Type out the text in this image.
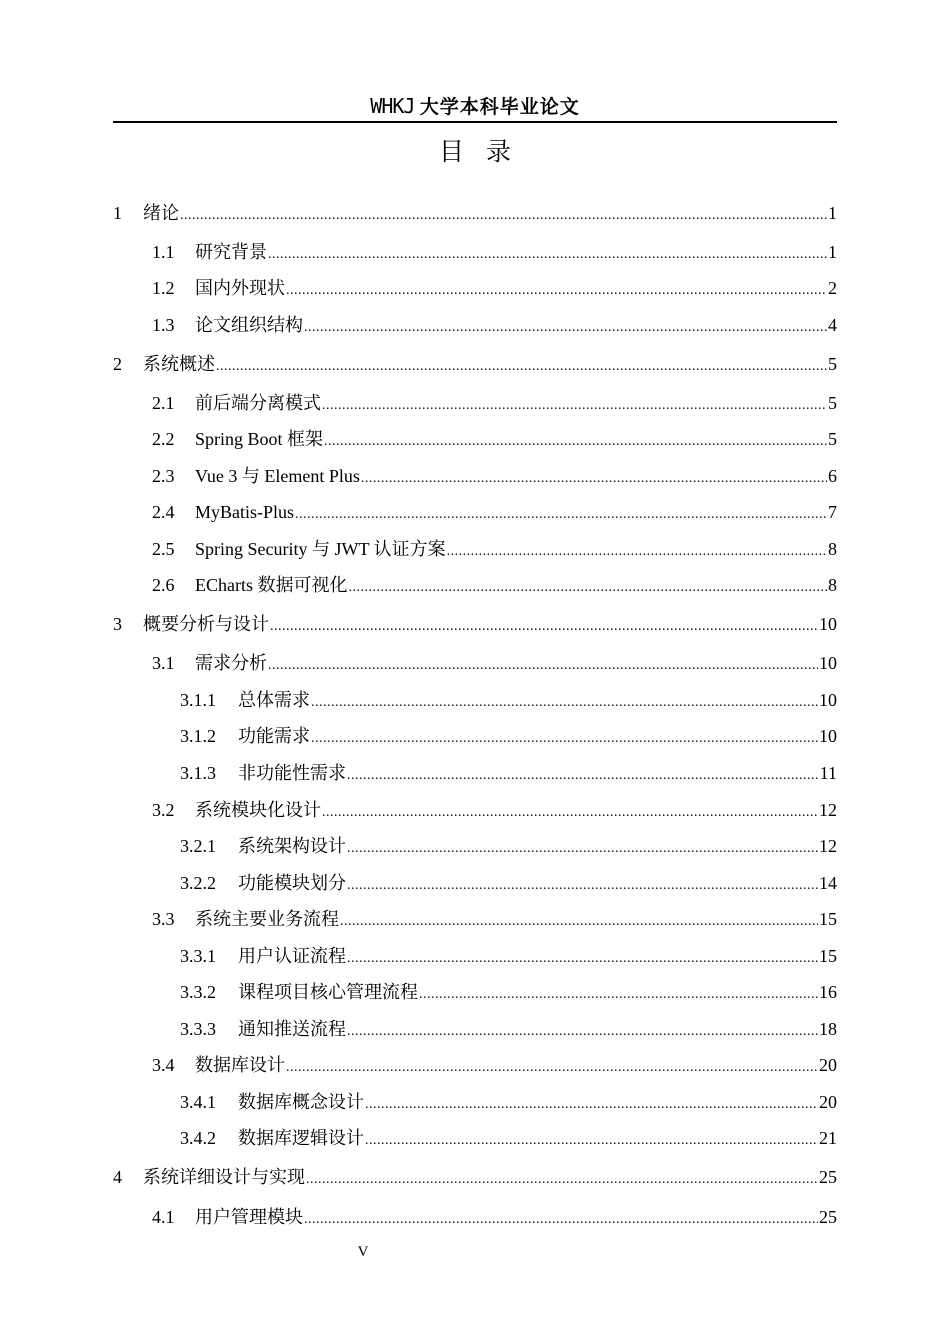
WHKJ 大学本科毕业论文
目录
1	绪论 .....	1
1.1	研究背景 .....	1
1.2	国内外现状 .....	2
1.3	论文组织结构 .....	4
2	系统概述 .....	5
2.1	前后端分离模式 .....	5
2.2	Spring Boot 框架 .....	5
2.3	Vue 3 与 Element Plus .....	6
2.4	MyBatis-Plus .....	7
2.5	Spring Security 与 JWT 认证方案 .....	8
2.6	ECharts 数据可视化 .....	8
3	概要分析与设计 .....	10
3.1	需求分析 .....	10
3.1.1	总体需求 .....	10
3.1.2	功能需求 .....	10
3.1.3	非功能性需求 .....	11
3.2	系统模块化设计 .....	12
3.2.1	系统架构设计 .....	12
3.2.2	功能模块划分 .....	14
3.3	系统主要业务流程 .....	15
3.3.1	用户认证流程 .....	15
3.3.2	课程项目核心管理流程 .....	16
3.3.3	通知推送流程 .....	18
3.4	数据库设计 .....	20
3.4.1	数据库概念设计 .....	20
3.4.2	数据库逻辑设计 .....	21
4	系统详细设计与实现 .....	25
4.1	用户管理模块 .....	25
V
